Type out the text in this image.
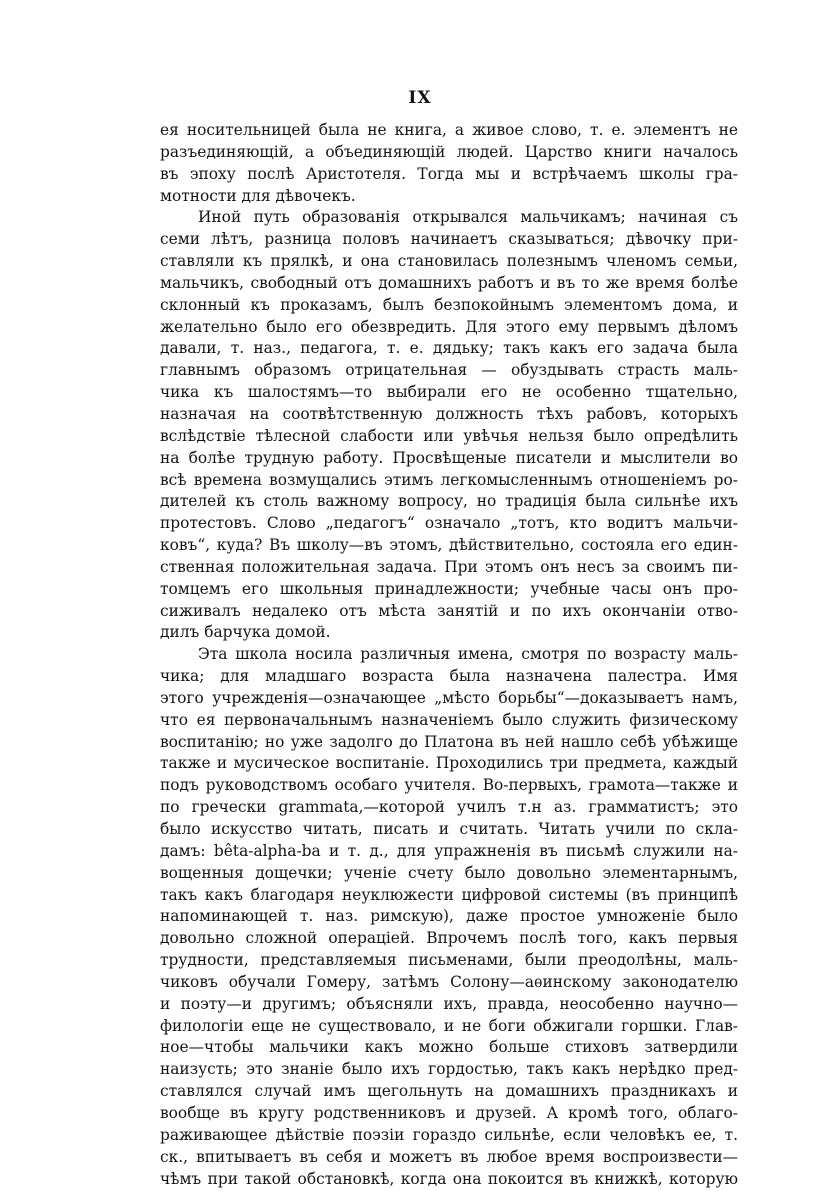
IX
ея носительницей была не книга, а живое слово, т. е. элементъ не
разъединяющій, а объединяющій людей. Царство книги началось
въ эпоху послѣ Аристотеля. Тогда мы и встрѣчаемъ школы гра-
мотности для дѣвочекъ.
Иной путь образованія открывался мальчикамъ; начиная съ
семи лѣтъ, разница половъ начинаетъ сказываться; дѣвочку при-
ставляли къ прялкѣ, и она становилась полезнымъ членомъ семьи,
мальчикъ, свободный отъ домашнихъ работъ и въ то же время болѣе
склонный къ проказамъ, былъ безпокойнымъ элементомъ дома, и
желательно было его обезвредить. Для этого ему первымъ дѣломъ
давали, т. наз., педагога, т. е. дядьку; такъ какъ его задача была
главнымъ образомъ отрицательная — обуздывать страсть маль-
чика къ шалостямъ—то выбирали его не особенно тщательно,
назначая на соотвѣтственную должность тѣхъ рабовъ, которыхъ
вслѣдствіе тѣлесной слабости или увѣчья нельзя было опредѣлить
на болѣе трудную работу. Просвѣщеные писатели и мыслители во
всѣ времена возмущались этимъ легкомысленнымъ отношеніемъ ро-
дителей къ столь важному вопросу, но традиція была сильнѣе ихъ
протестовъ. Слово „педагогъ“ означало „тотъ, кто водитъ мальчи-
ковъ“, куда? Въ школу—въ этомъ, дѣйствительно, состояла его един-
ственная положительная задача. При этомъ онъ несъ за своимъ пи-
томцемъ его школьныя принадлежности; учебные часы онъ про-
сиживалъ недалеко отъ мѣста занятій и по ихъ окончаніи отво-
дилъ барчука домой.
Эта школа носила различныя имена, смотря по возрасту маль-
чика; для младшаго возраста была назначена палестра. Имя
этого учрежденія—означающее „мѣсто борьбы“—доказываетъ намъ,
что ея первоначальнымъ назначеніемъ было служить физическому
воспитанію; но уже задолго до Платона въ ней нашло себѣ убѣжище
также и мусическое воспитаніе. Проходились три предмета, каждый
подъ руководствомъ особаго учителя. Во-первыхъ, грамота—также и
по гречески grammata,—которой училъ т.н аз. грамматистъ; это
было искусство читать, писать и считать. Читать учили по скла-
дамъ: bêta-alpha-ba и т. д., для упражненія въ письмѣ служили на-
вощенныя дощечки; ученіе счету было довольно элементарнымъ,
такъ какъ благодаря неуклюжести цифровой системы (въ принципѣ
напоминающей т. наз. римскую), даже простое умноженіе было
довольно сложной операціей. Впрочемъ послѣ того, какъ первыя
трудности, представляемыя письменами, были преодолѣны, маль-
чиковъ обучали Гомеру, затѣмъ Солону—аѳинскому законодателю
и поэту—и другимъ; объясняли ихъ, правда, неособенно научно—
филологіи еще не существовало, и не боги обжигали горшки. Глав-
ное—чтобы мальчики какъ можно больше стиховъ затвердили
наизусть; это знаніе было ихъ гордостью, такъ какъ нерѣдко пред-
ставлялся случай имъ щегольнуть на домашнихъ праздникахъ и
вообще въ кругу родственниковъ и друзей. А кромѣ того, облаго-
раживающее дѣйствіе поэзіи гораздо сильнѣе, если человѣкъ ее, т.
ск., впитываетъ въ себя и можетъ въ любое время воспроизвести—
чѣмъ при такой обстановкѣ, когда она покоится въ книжкѣ, которую
